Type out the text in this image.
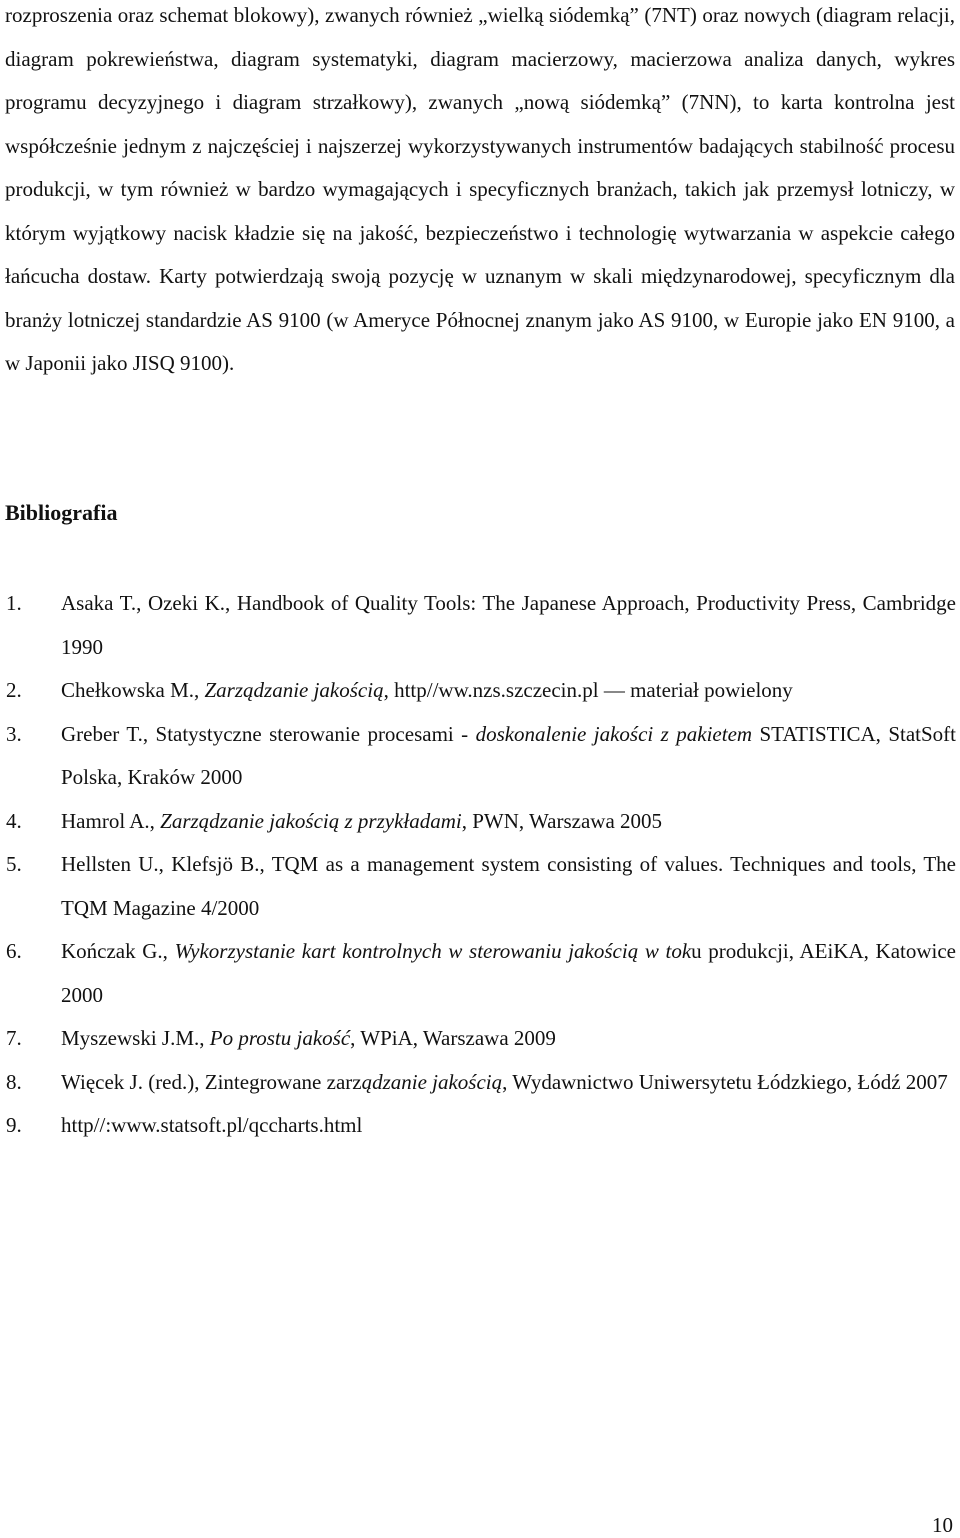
rozproszenia oraz schemat blokowy), zwanych również „wielką siódemką” (7NT) oraz nowych (diagram relacji, diagram pokrewieństwa, diagram systematyki, diagram macierzowy, macierzowa analiza danych, wykres programu decyzyjnego i diagram strzałkowy), zwanych „nową siódemką” (7NN), to karta kontrolna jest współcześnie jednym z najczęściej i najszerzej wykorzystywanych instrumentów badających stabilność procesu produkcji, w tym również w bardzo wymagających i specyficznych branżach, takich jak przemysł lotniczy, w którym wyjątkowy nacisk kładzie się na jakość, bezpieczeństwo i technologię wytwarzania w aspekcie całego łańcucha dostaw. Karty potwierdzają swoją pozycję w uznanym w skali międzynarodowej, specyficznym dla branży lotniczej standardzie AS 9100 (w Ameryce Północnej znanym jako AS 9100, w Europie jako EN 9100, a w Japonii jako JISQ 9100).

Bibliografia
1. Asaka T., Ozeki K., Handbook of Quality Tools: The Japanese Approach, Productivity Press, Cambridge 1990
2. Chełkowska M., Zarządzanie jakością, http//ww.nzs.szczecin.pl — materiał powielony
3. Greber T., Statystyczne sterowanie procesami - doskonalenie jakości z pakietem STATISTICA, StatSoft Polska, Kraków 2000
4. Hamrol A., Zarządzanie jakością z przykładami, PWN, Warszawa 2005
5. Hellsten U., Klefsjö B., TQM as a management system consisting of values. Techniques and tools, The TQM Magazine 4/2000
6. Kończak G., Wykorzystanie kart kontrolnych w sterowaniu jakością w toku produkcji, AEiKA, Katowice 2000
7. Myszewski J.M., Po prostu jakość, WPiA, Warszawa 2009
8. Więcek J. (red.), Zintegrowane zarządzanie jakością, Wydawnictwo Uniwersytetu Łódzkiego, Łódź 2007
9. http//:www.statsoft.pl/qccharts.html
10
